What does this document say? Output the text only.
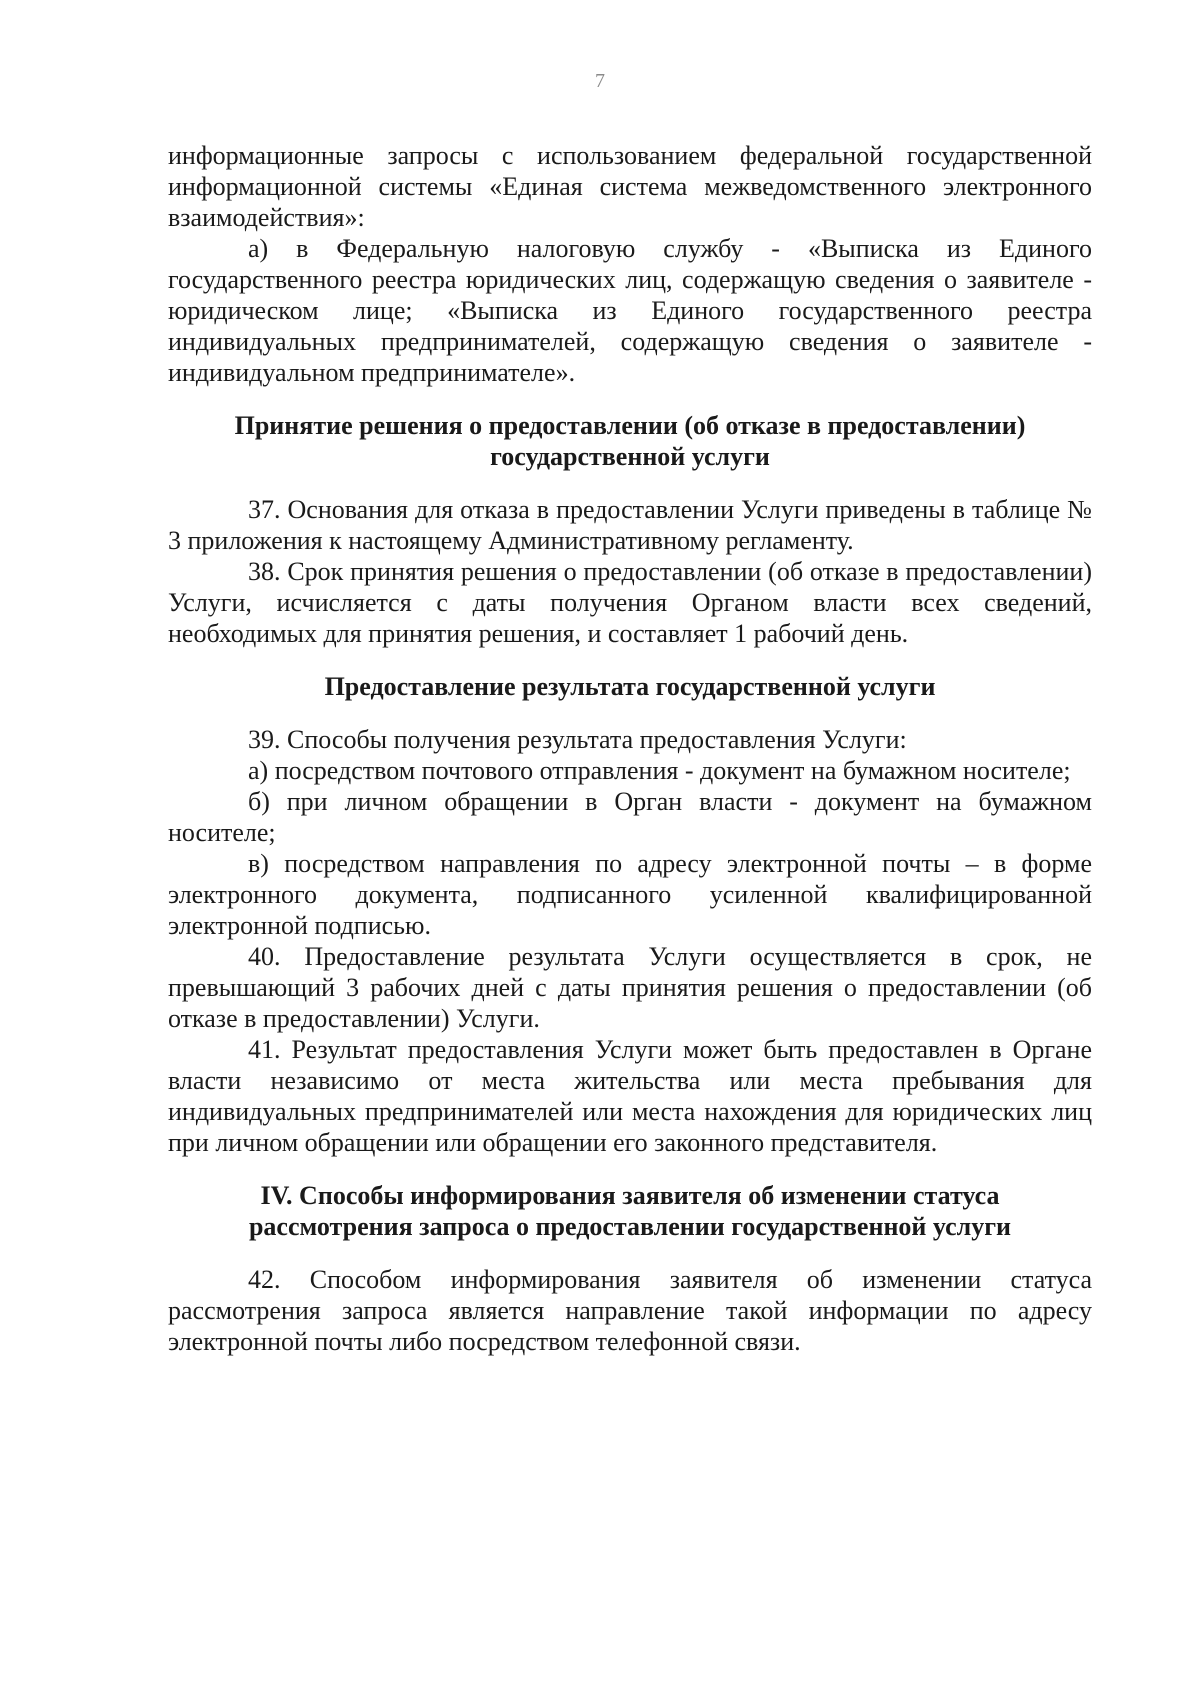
7

информационные запросы с использованием федеральной государственной информационной системы «Единая система межведомственного электронного взаимодействия»:

а) в Федеральную налоговую службу - «Выписка из Единого государственного реестра юридических лиц, содержащую сведения о заявителе - юридическом лице; «Выписка из Единого государственного реестра индивидуальных предпринимателей, содержащую сведения о заявителе - индивидуальном предпринимателе».

Принятие решения о предоставлении (об отказе в предоставлении)
государственной услуги

37. Основания для отказа в предоставлении Услуги приведены в таблице № 3 приложения к настоящему Административному регламенту.

38. Срок принятия решения о предоставлении (об отказе в предоставлении) Услуги, исчисляется с даты получения Органом власти всех сведений, необходимых для принятия решения, и составляет 1 рабочий день.

Предоставление результата государственной услуги

39. Способы получения результата предоставления Услуги:

а) посредством почтового отправления - документ на бумажном носителе;

б) при личном обращении в Орган власти - документ на бумажном носителе;

в) посредством направления по адресу электронной почты – в форме электронного документа, подписанного усиленной квалифицированной электронной подписью.

40. Предоставление результата Услуги осуществляется в срок, не превышающий 3 рабочих дней с даты принятия решения о предоставлении (об отказе в предоставлении) Услуги.

41. Результат предоставления Услуги может быть предоставлен в Органе власти независимо от места жительства или места пребывания для индивидуальных предпринимателей или места нахождения для юридических лиц при личном обращении или обращении его законного представителя.

IV. Способы информирования заявителя об изменении статуса
рассмотрения запроса о предоставлении государственной услуги

42. Способом информирования заявителя об изменении статуса рассмотрения запроса является направление такой информации по адресу электронной почты либо посредством телефонной связи.
